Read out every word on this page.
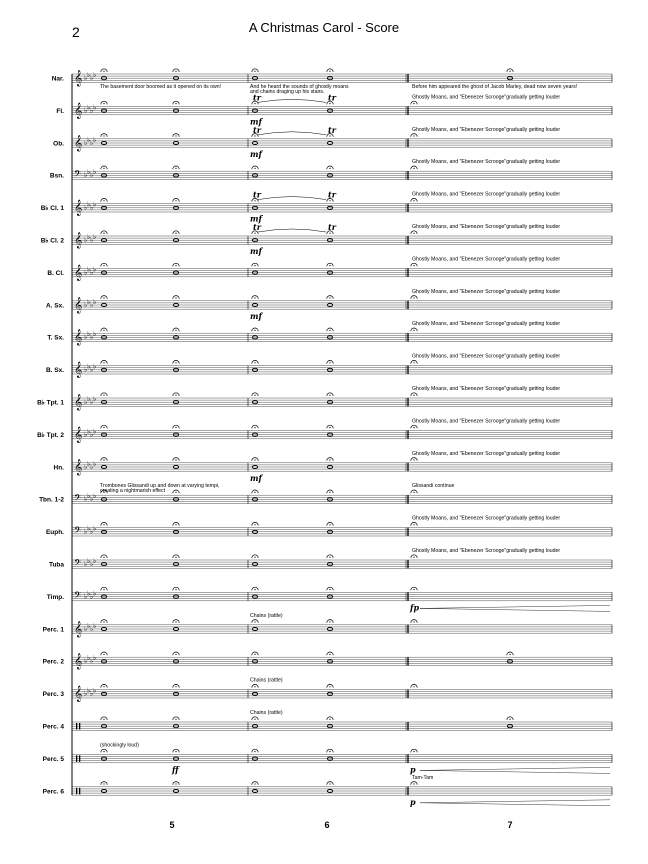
2	A Christmas Carol - Score
Nar. 𝄞 ♭ ♭ ♭ ♭
The basement door boomed as it opened on its own!	And he heard the sounds of ghostly moans
and chains draging up his stairs.
Before him appeared the ghost of Jacob Marley, dead now seven years!
Fl. 𝄞 ♭ ♭ ♭ ♭
tr	tr
mf
Ghostly Moans, and "Ebenezer Scrooge"gradually getting louder
Ob. 𝄞 ♭ ♭ ♭ ♭
tr	tr
mf
Ghostly Moans, and "Ebenezer Scrooge"gradually getting louder
Bsn. 𝄢 ♭ ♭ ♭ ♭
Ghostly Moans, and "Ebenezer Scrooge"gradually getting louder
B♭ Cl. 1 𝄞 ♭ ♭ ♭ ♭
tr	tr
mf
Ghostly Moans, and "Ebenezer Scrooge"gradually getting louder
B♭ Cl. 2 𝄞 ♭ ♭ ♭ ♭
tr	tr
mf
Ghostly Moans, and "Ebenezer Scrooge"gradually getting louder
B. Cl. 𝄞 ♭ ♭ ♭ ♭
Ghostly Moans, and "Ebenezer Scrooge"gradually getting louder
A. Sx. 𝄞 ♭ ♭ ♭ ♭
mf
Ghostly Moans, and "Ebenezer Scrooge"gradually getting louder
T. Sx. 𝄞 ♭ ♭ ♭ ♭
Ghostly Moans, and "Ebenezer Scrooge"gradually getting louder
B. Sx. 𝄞 ♭ ♭ ♭ ♭
Ghostly Moans, and "Ebenezer Scrooge"gradually getting louder
B♭ Tpt. 1 𝄞 ♭ ♭ ♭ ♭
Ghostly Moans, and "Ebenezer Scrooge"gradually getting louder
B♭ Tpt. 2 𝄞 ♭ ♭ ♭ ♭
Ghostly Moans, and "Ebenezer Scrooge"gradually getting louder
Hn. 𝄞 ♭ ♭ ♭ ♭
mf
Ghostly Moans, and "Ebenezer Scrooge"gradually getting louder
Tbn. 1-2 𝄢 ♭ ♭ ♭ ♭
Trombones Glissandi up and down at varying tempi,
creating a nightmarish effect
Glissandi continue
Euph. 𝄢 ♭ ♭ ♭ ♭
Ghostly Moans, and "Ebenezer Scrooge"gradually getting louder
Tuba 𝄢 ♭ ♭ ♭ ♭
Ghostly Moans, and "Ebenezer Scrooge"gradually getting louder
Timp. 𝄢 ♭ ♭ ♭ ♭
fp
Perc. 1 𝄞 ♭ ♭ ♭ ♭
Chains (rattle)
Perc. 2 𝄞 ♭ ♭ ♭ ♭
Perc. 3 𝄞 ♭ ♭ ♭ ♭
Chains (rattle)
Perc. 4
Chains (rattle)
Perc. 5
ff	p
(shockingly loud)
Perc. 6
p
Tam-Tam
5	6	7
